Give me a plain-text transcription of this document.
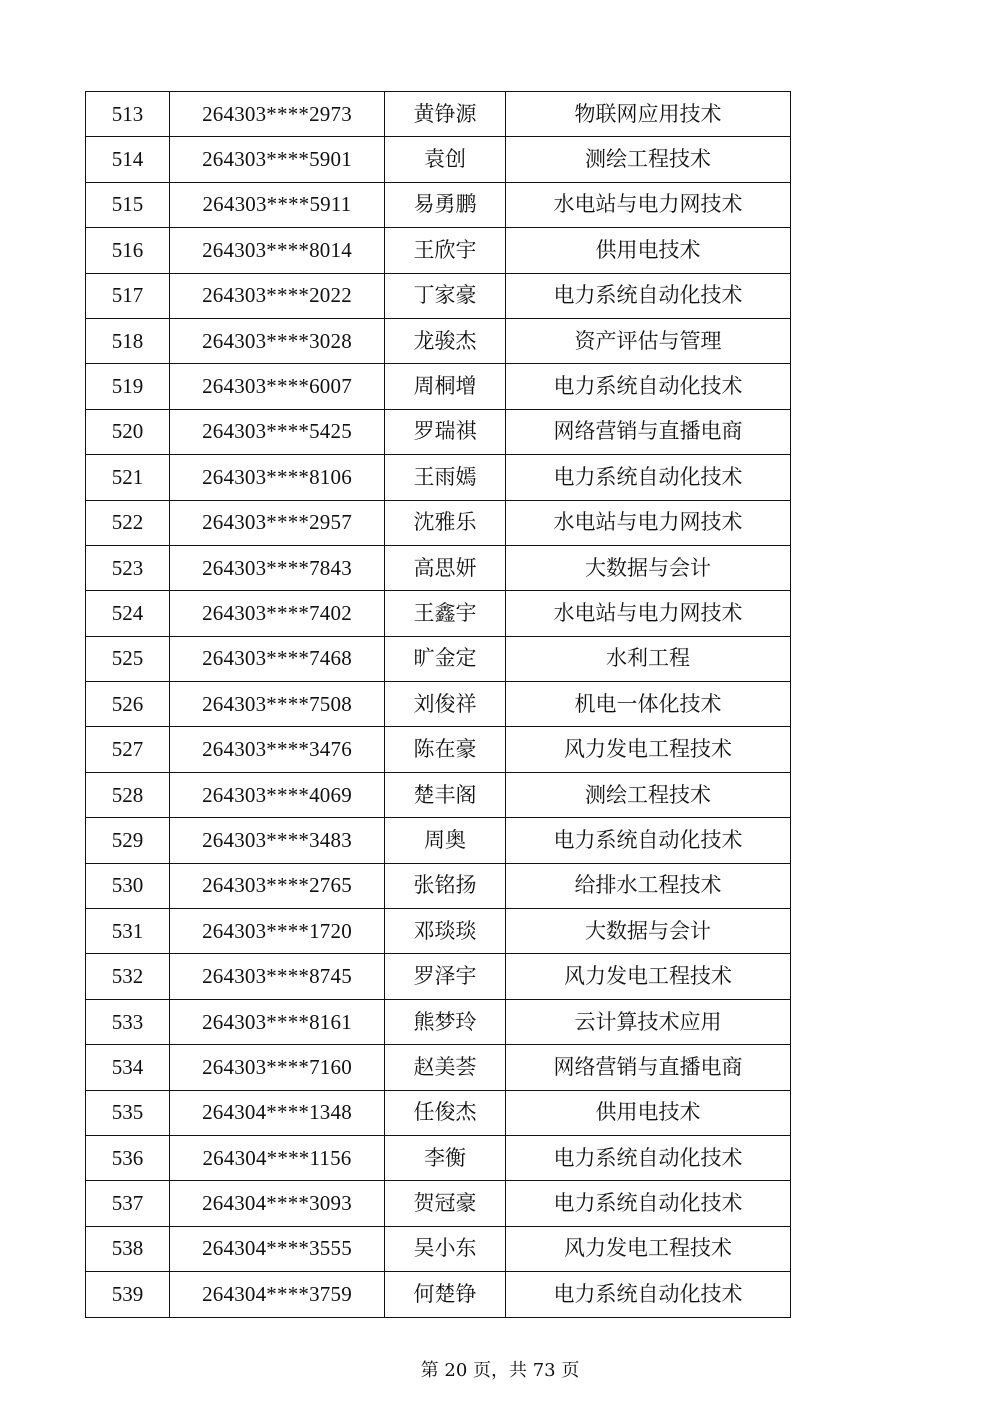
513	264303****2973	黄铮源	物联网应用技术
514	264303****5901	袁创	测绘工程技术
515	264303****5911	易勇鹏	水电站与电力网技术
516	264303****8014	王欣宇	供用电技术
517	264303****2022	丁家豪	电力系统自动化技术
518	264303****3028	龙骏杰	资产评估与管理
519	264303****6007	周桐增	电力系统自动化技术
520	264303****5425	罗瑞祺	网络营销与直播电商
521	264303****8106	王雨嫣	电力系统自动化技术
522	264303****2957	沈雅乐	水电站与电力网技术
523	264303****7843	高思妍	大数据与会计
524	264303****7402	王鑫宇	水电站与电力网技术
525	264303****7468	旷金定	水利工程
526	264303****7508	刘俊祥	机电一体化技术
527	264303****3476	陈在豪	风力发电工程技术
528	264303****4069	楚丰阁	测绘工程技术
529	264303****3483	周奥	电力系统自动化技术
530	264303****2765	张铭扬	给排水工程技术
531	264303****1720	邓琰琰	大数据与会计
532	264303****8745	罗泽宇	风力发电工程技术
533	264303****8161	熊梦玲	云计算技术应用
534	264303****7160	赵美荟	网络营销与直播电商
535	264304****1348	任俊杰	供用电技术
536	264304****1156	李衡	电力系统自动化技术
537	264304****3093	贺冠豪	电力系统自动化技术
538	264304****3555	吴小东	风力发电工程技术
539	264304****3759	何楚铮	电力系统自动化技术
第 20 页，共 73 页
